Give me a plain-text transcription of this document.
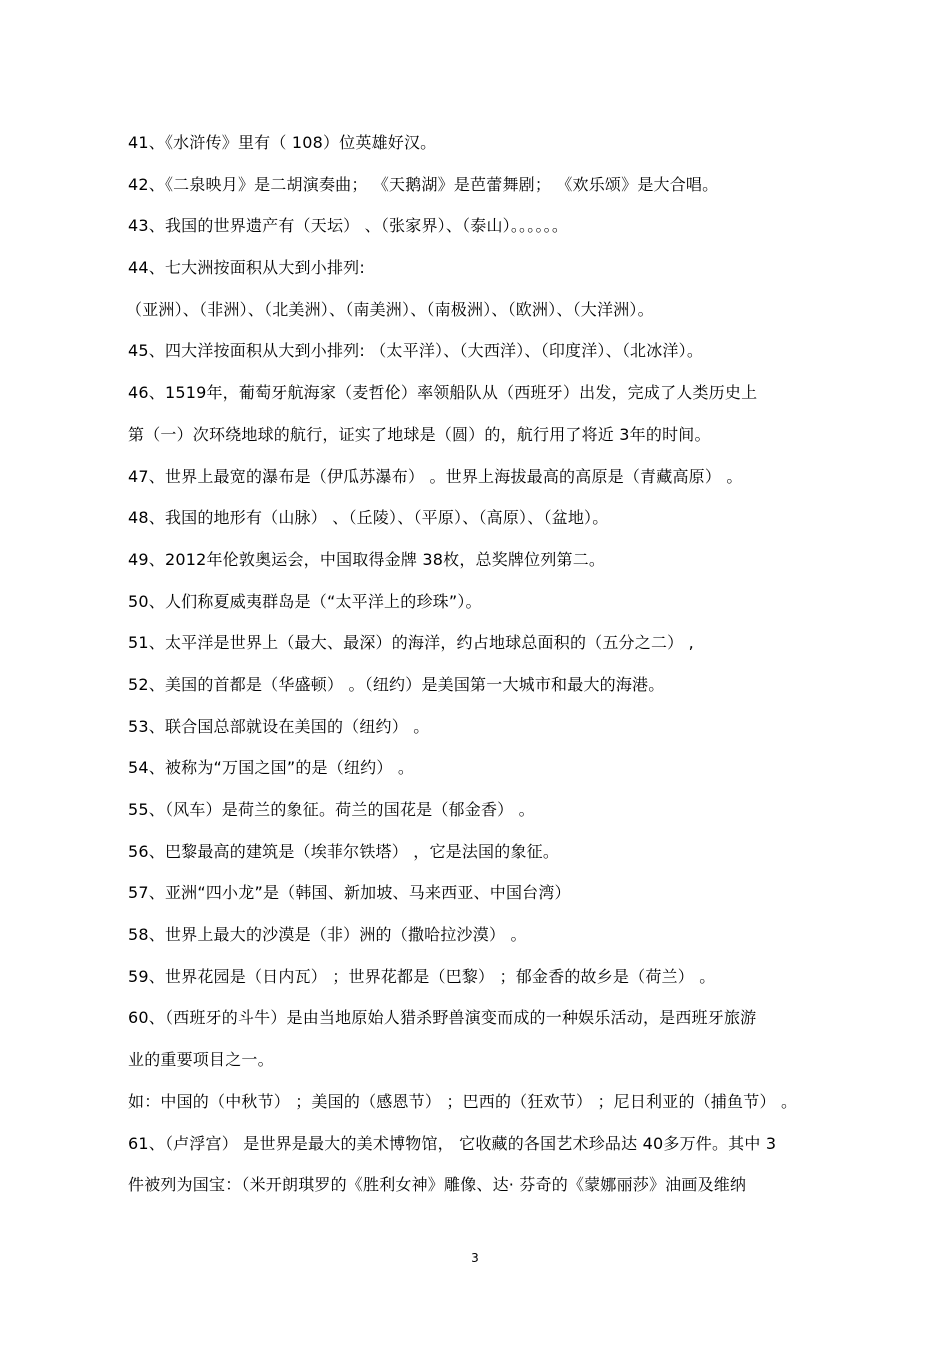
41、《水浒传》里有（ 108）位英雄好汉。
42、《二泉映月》是二胡演奏曲； 《天鹅湖》是芭蕾舞剧； 《欢乐颂》是大合唱。
43、我国的世界遗产有（天坛） 、（张家界）、（泰山）。。。。。。
44、七大洲按面积从大到小排列:
（亚洲）、（非洲）、（北美洲）、（南美洲）、（南极洲）、（欧洲）、（大洋洲）。
45、四大洋按面积从大到小排列: （太平洋）、（大西洋）、（印度洋）、（北冰洋）。
46、1519年，葡萄牙航海家（麦哲伦）率领船队从（西班牙）出发，完成了人类历史上
第（一）次环绕地球的航行，证实了地球是（圆）的，航行用了将近 3年的时间。
47、世界上最宽的瀑布是（伊瓜苏瀑布） 。世界上海拔最高的高原是（青藏高原） 。
48、我国的地形有（山脉） 、（丘陵）、（平原）、（高原）、（盆地）。
49、2012年伦敦奥运会，中国取得金牌 38枚，总奖牌位列第二。
50、人们称夏威夷群岛是（“太平洋上的珍珠”）。
51、太平洋是世界上（最大、最深）的海洋，约占地球总面积的（五分之二） ,
52、美国的首都是（华盛顿） 。（纽约）是美国第一大城市和最大的海港。
53、联合国总部就设在美国的（纽约） 。
54、被称为“万国之国”的是（纽约） 。
55、（风车）是荷兰的象征。荷兰的国花是（郁金香） 。
56、巴黎最高的建筑是（埃菲尔铁塔） ，它是法国的象征。
57、亚洲“四小龙”是（韩国、新加坡、马来西亚、中国台湾）
58、世界上最大的沙漠是（非）洲的（撒哈拉沙漠） 。
59、世界花园是（日内瓦） ；世界花都是（巴黎） ；郁金香的故乡是（荷兰） 。
60、（西班牙的斗牛）是由当地原始人猎杀野兽演变而成的一种娱乐活动，是西班牙旅游
业的重要项目之一。
如：中国的（中秋节） ；美国的（感恩节） ；巴西的（狂欢节） ；尼日利亚的（捕鱼节） 。
61、（卢浮宫） 是世界是最大的美术博物馆， 它收藏的各国艺术珍品达 40多万件。其中 3
件被列为国宝：（米开朗琪罗的《胜利女神》雕像、达· 芬奇的《蒙娜丽莎》油画及维纳
3
